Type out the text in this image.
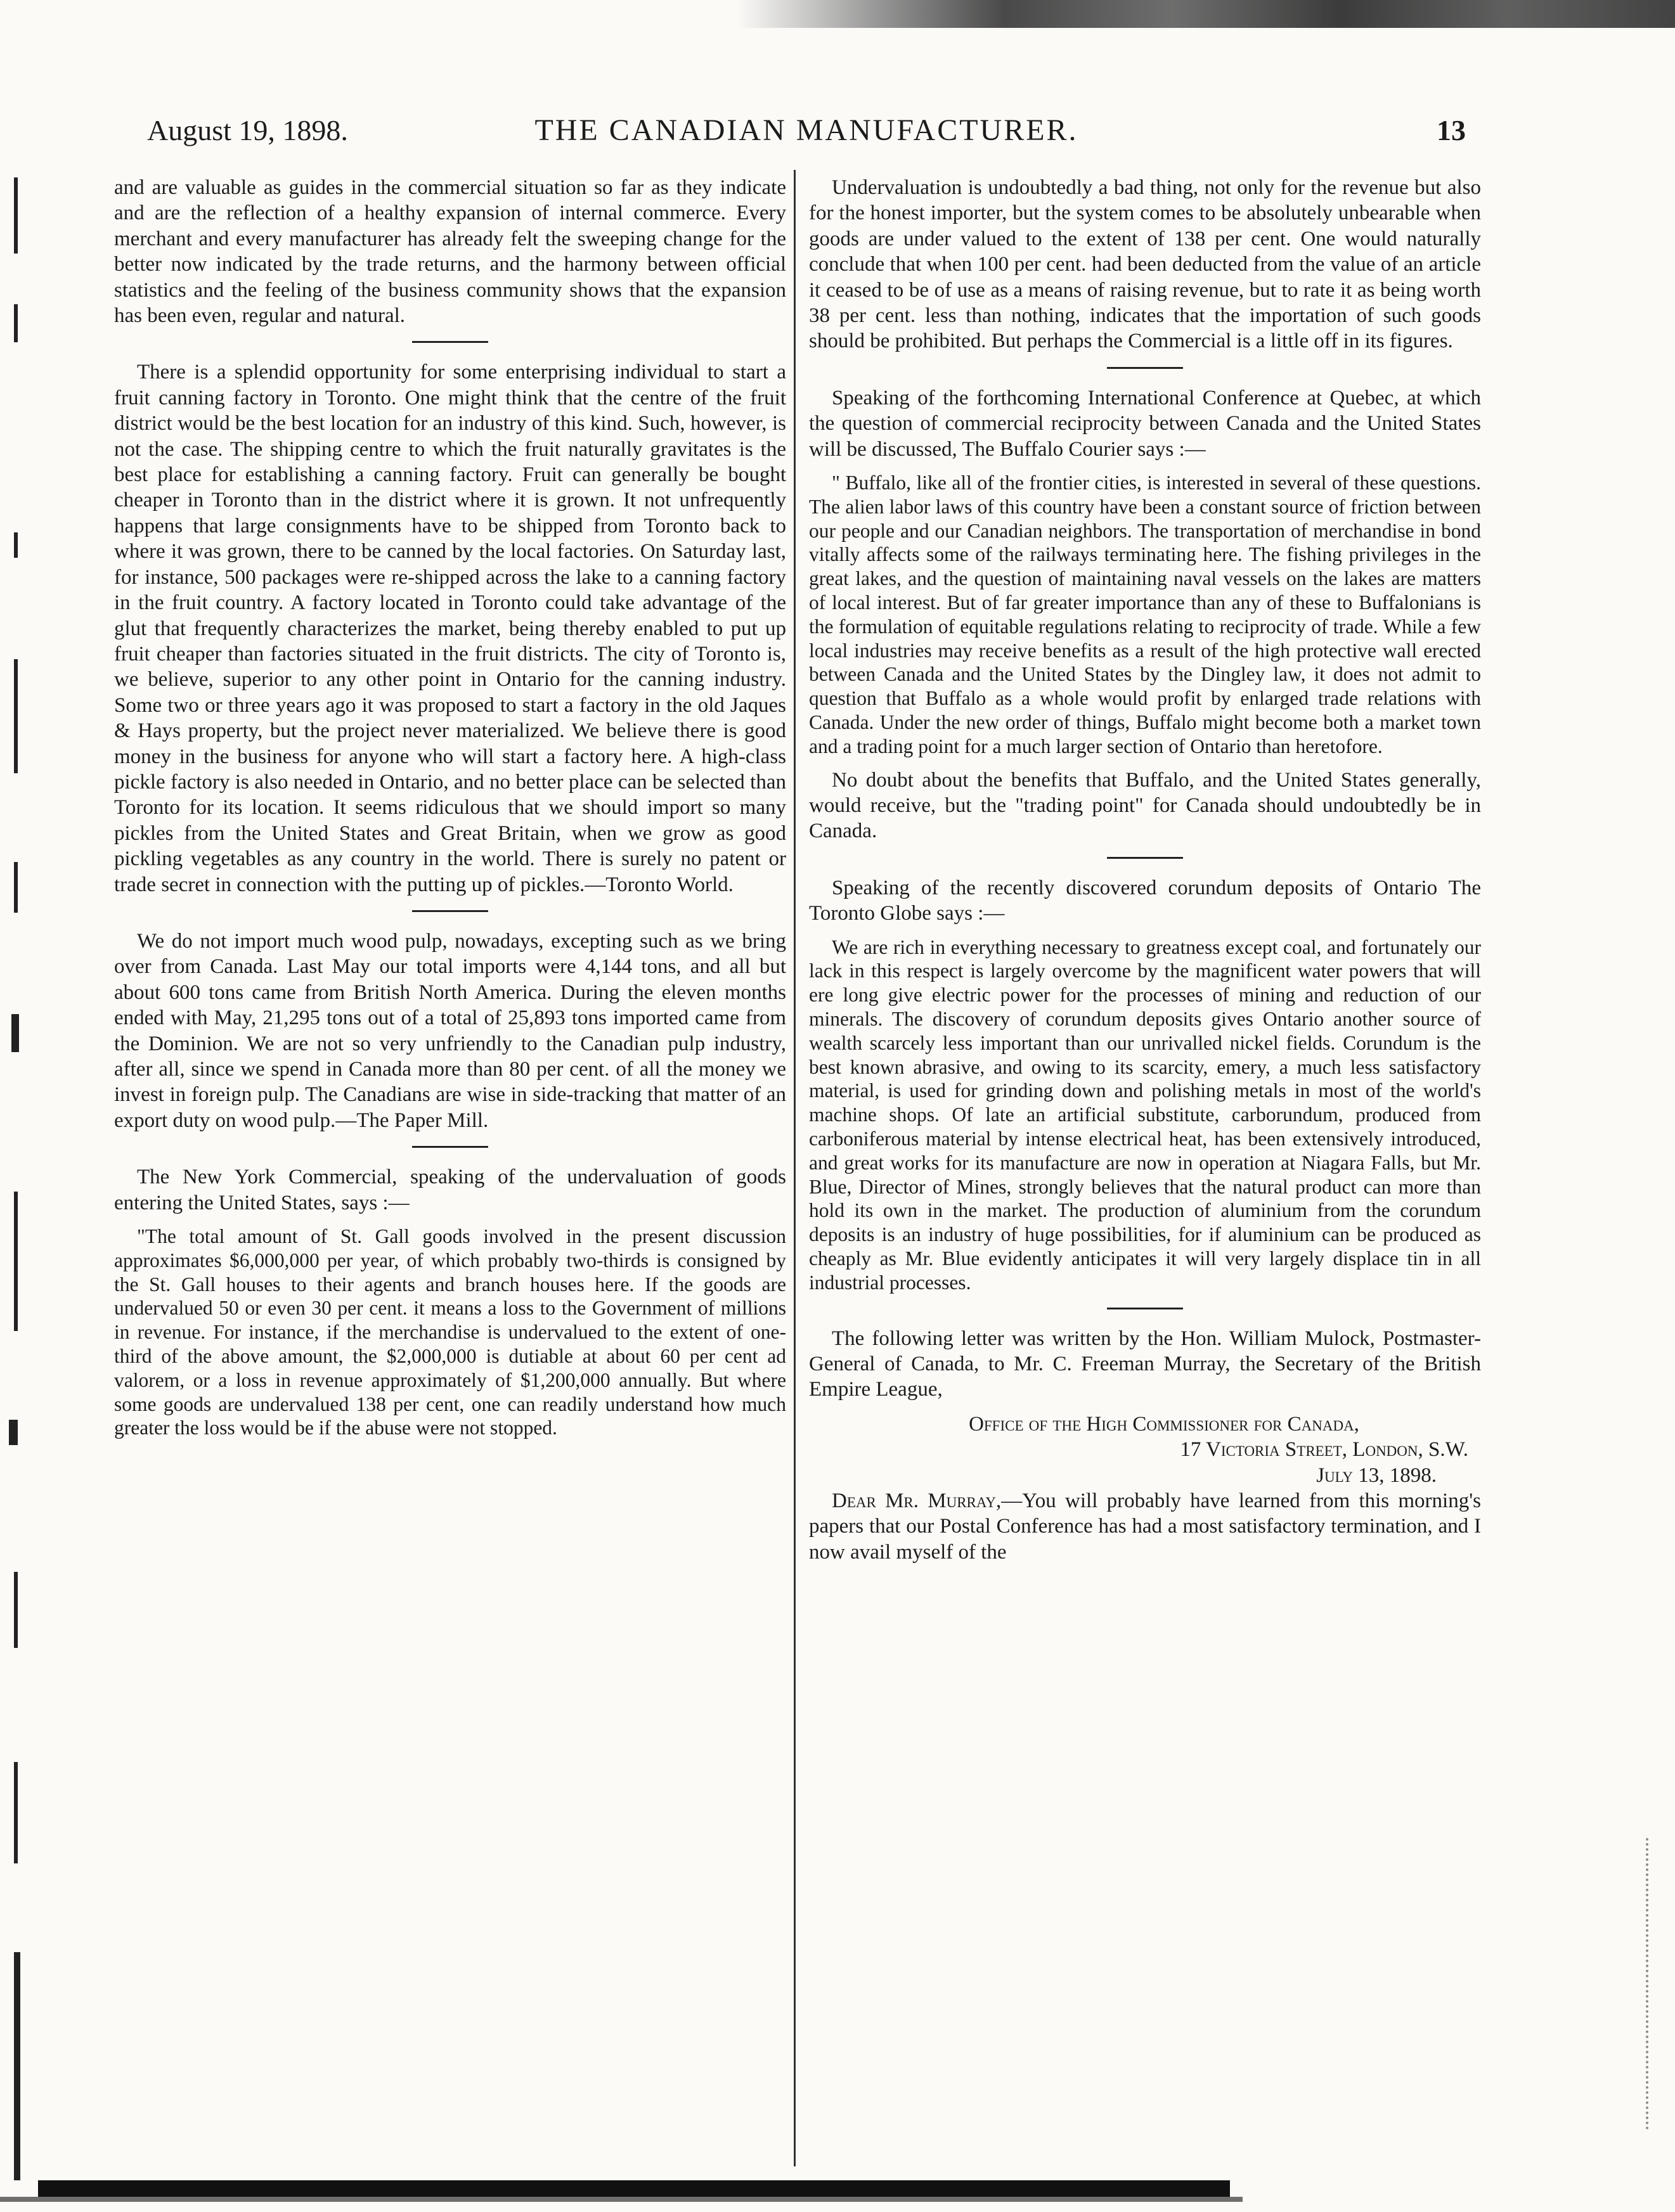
August 19, 1898.	THE CANADIAN MANUFACTURER.	13

and are valuable as guides in the commercial situation so far as they indicate and are the reflection of a healthy expansion of internal commerce. Every merchant and every manufacturer has already felt the sweeping change for the better now indicated by the trade returns, and the harmony between official statistics and the feeling of the business community shows that the expansion has been even, regular and natural.

There is a splendid opportunity for some enterprising individual to start a fruit canning factory in Toronto. One might think that the centre of the fruit district would be the best location for an industry of this kind. Such, however, is not the case. The shipping centre to which the fruit naturally gravitates is the best place for establishing a canning factory. Fruit can generally be bought cheaper in Toronto than in the district where it is grown. It not unfrequently happens that large consignments have to be shipped from Toronto back to where it was grown, there to be canned by the local factories. On Saturday last, for instance, 500 packages were re-shipped across the lake to a canning factory in the fruit country. A factory located in Toronto could take advantage of the glut that frequently characterizes the market, being thereby enabled to put up fruit cheaper than factories situated in the fruit districts. The city of Toronto is, we believe, superior to any other point in Ontario for the canning industry. Some two or three years ago it was proposed to start a factory in the old Jaques & Hays property, but the project never materialized. We believe there is good money in the business for anyone who will start a factory here. A high-class pickle factory is also needed in Ontario, and no better place can be selected than Toronto for its location. It seems ridiculous that we should import so many pickles from the United States and Great Britain, when we grow as good pickling vegetables as any country in the world. There is surely no patent or trade secret in connection with the putting up of pickles.—Toronto World.

We do not import much wood pulp, nowadays, excepting such as we bring over from Canada. Last May our total imports were 4,144 tons, and all but about 600 tons came from British North America. During the eleven months ended with May, 21,295 tons out of a total of 25,893 tons imported came from the Dominion. We are not so very unfriendly to the Canadian pulp industry, after all, since we spend in Canada more than 80 per cent. of all the money we invest in foreign pulp. The Canadians are wise in side-tracking that matter of an export duty on wood pulp.—The Paper Mill.

The New York Commercial, speaking of the undervaluation of goods entering the United States, says :—

"The total amount of St. Gall goods involved in the present discussion approximates $6,000,000 per year, of which probably two-thirds is consigned by the St. Gall houses to their agents and branch houses here. If the goods are undervalued 50 or even 30 per cent. it means a loss to the Government of millions in revenue. For instance, if the merchandise is undervalued to the extent of one-third of the above amount, the $2,000,000 is dutiable at about 60 per cent ad valorem, or a loss in revenue approximately of $1,200,000 annually. But where some goods are undervalued 138 per cent, one can readily understand how much greater the loss would be if the abuse were not stopped.

Undervaluation is undoubtedly a bad thing, not only for the revenue but also for the honest importer, but the system comes to be absolutely unbearable when goods are under valued to the extent of 138 per cent. One would naturally conclude that when 100 per cent. had been deducted from the value of an article it ceased to be of use as a means of raising revenue, but to rate it as being worth 38 per cent. less than nothing, indicates that the importation of such goods should be prohibited. But perhaps the Commercial is a little off in its figures.

Speaking of the forthcoming International Conference at Quebec, at which the question of commercial reciprocity between Canada and the United States will be discussed, The Buffalo Courier says :—

" Buffalo, like all of the frontier cities, is interested in several of these questions. The alien labor laws of this country have been a constant source of friction between our people and our Canadian neighbors. The transportation of merchandise in bond vitally affects some of the railways terminating here. The fishing privileges in the great lakes, and the question of maintaining naval vessels on the lakes are matters of local interest. But of far greater importance than any of these to Buffalonians is the formulation of equitable regulations relating to reciprocity of trade. While a few local industries may receive benefits as a result of the high protective wall erected between Canada and the United States by the Dingley law, it does not admit to question that Buffalo as a whole would profit by enlarged trade relations with Canada. Under the new order of things, Buffalo might become both a market town and a trading point for a much larger section of Ontario than heretofore.

No doubt about the benefits that Buffalo, and the United States generally, would receive, but the "trading point" for Canada should undoubtedly be in Canada.

Speaking of the recently discovered corundum deposits of Ontario The Toronto Globe says :—

We are rich in everything necessary to greatness except coal, and fortunately our lack in this respect is largely overcome by the magnificent water powers that will ere long give electric power for the processes of mining and reduction of our minerals. The discovery of corundum deposits gives Ontario another source of wealth scarcely less important than our unrivalled nickel fields. Corundum is the best known abrasive, and owing to its scarcity, emery, a much less satisfactory material, is used for grinding down and polishing metals in most of the world's machine shops. Of late an artificial substitute, carborundum, produced from carboniferous material by intense electrical heat, has been extensively introduced, and great works for its manufacture are now in operation at Niagara Falls, but Mr. Blue, Director of Mines, strongly believes that the natural product can more than hold its own in the market. The production of aluminium from the corundum deposits is an industry of huge possibilities, for if aluminium can be produced as cheaply as Mr. Blue evidently anticipates it will very largely displace tin in all industrial processes.

The following letter was written by the Hon. William Mulock, Postmaster-General of Canada, to Mr. C. Freeman Murray, the Secretary of the British Empire League,

Office of the High Commissioner for Canada,
17 Victoria Street, London, S.W.
July 13, 1898.

Dear Mr. Murray,—You will probably have learned from this morning's papers that our Postal Conference has had a most satisfactory termination, and I now avail myself of the
